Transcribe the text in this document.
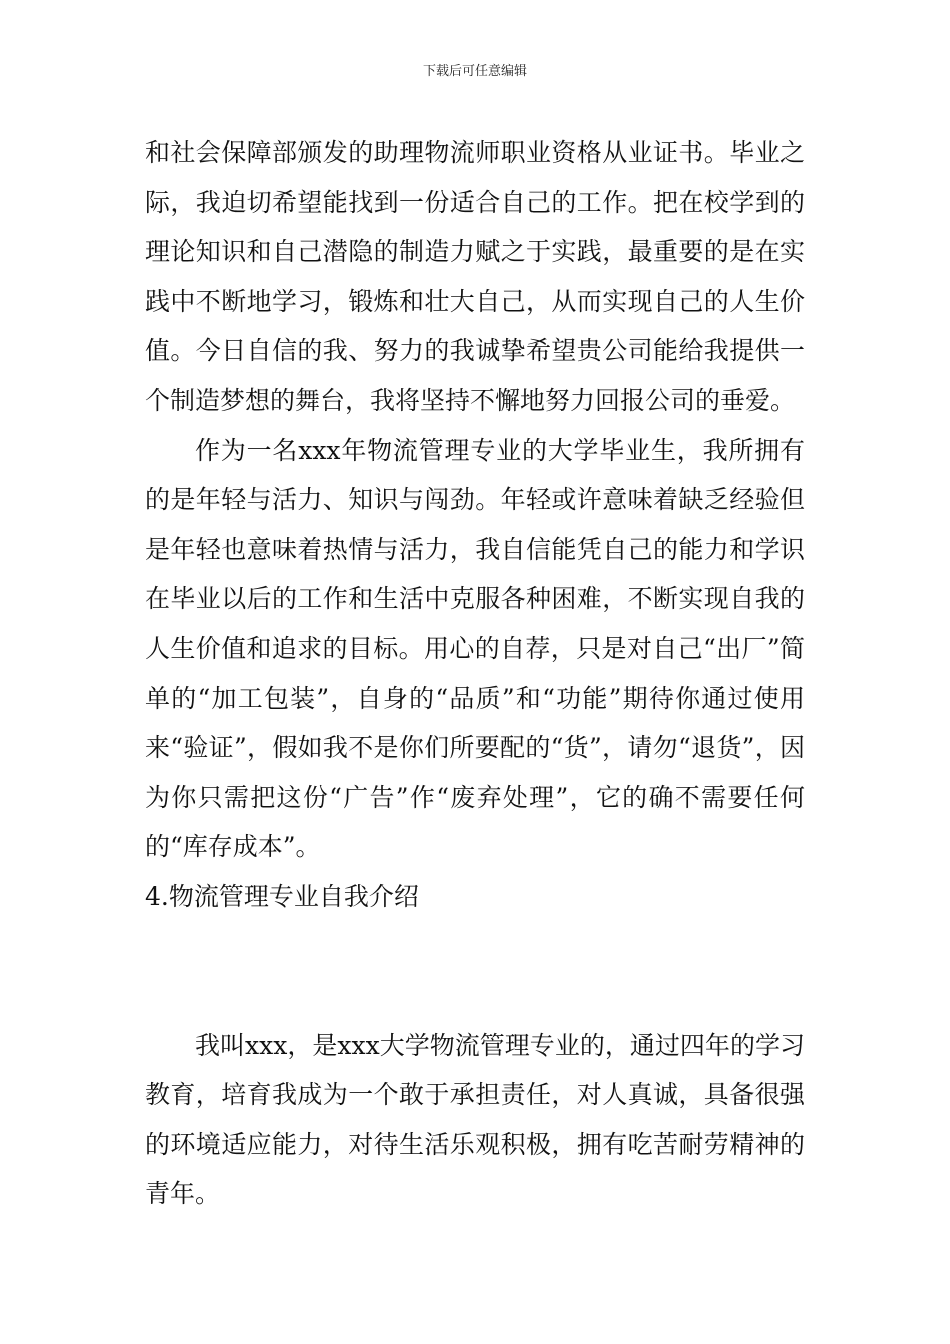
下载后可任意编辑

和社会保障部颁发的助理物流师职业资格从业证书。毕业之际，我迫切希望能找到一份适合自己的工作。把在校学到的理论知识和自己潜隐的制造力赋之于实践，最重要的是在实践中不断地学习，锻炼和壮大自己，从而实现自己的人生价值。今日自信的我、努力的我诚挚希望贵公司能给我提供一个制造梦想的舞台，我将坚持不懈地努力回报公司的垂爱。

作为一名xxx年物流管理专业的大学毕业生，我所拥有的是年轻与活力、知识与闯劲。年轻或许意味着缺乏经验但是年轻也意味着热情与活力，我自信能凭自己的能力和学识在毕业以后的工作和生活中克服各种困难，不断实现自我的人生价值和追求的目标。用心的自荐，只是对自己“出厂”简单的“加工包装”，自身的“品质”和“功能”期待你通过使用来“验证”，假如我不是你们所要配的“货”，请勿“退货”，因为你只需把这份“广告”作“废弃处理”，它的确不需要任何的“库存成本”。

4.物流管理专业自我介绍

我叫xxx，是xxx大学物流管理专业的，通过四年的学习教育，培育我成为一个敢于承担责任，对人真诚，具备很强的环境适应能力，对待生活乐观积极，拥有吃苦耐劳精神的青年。
